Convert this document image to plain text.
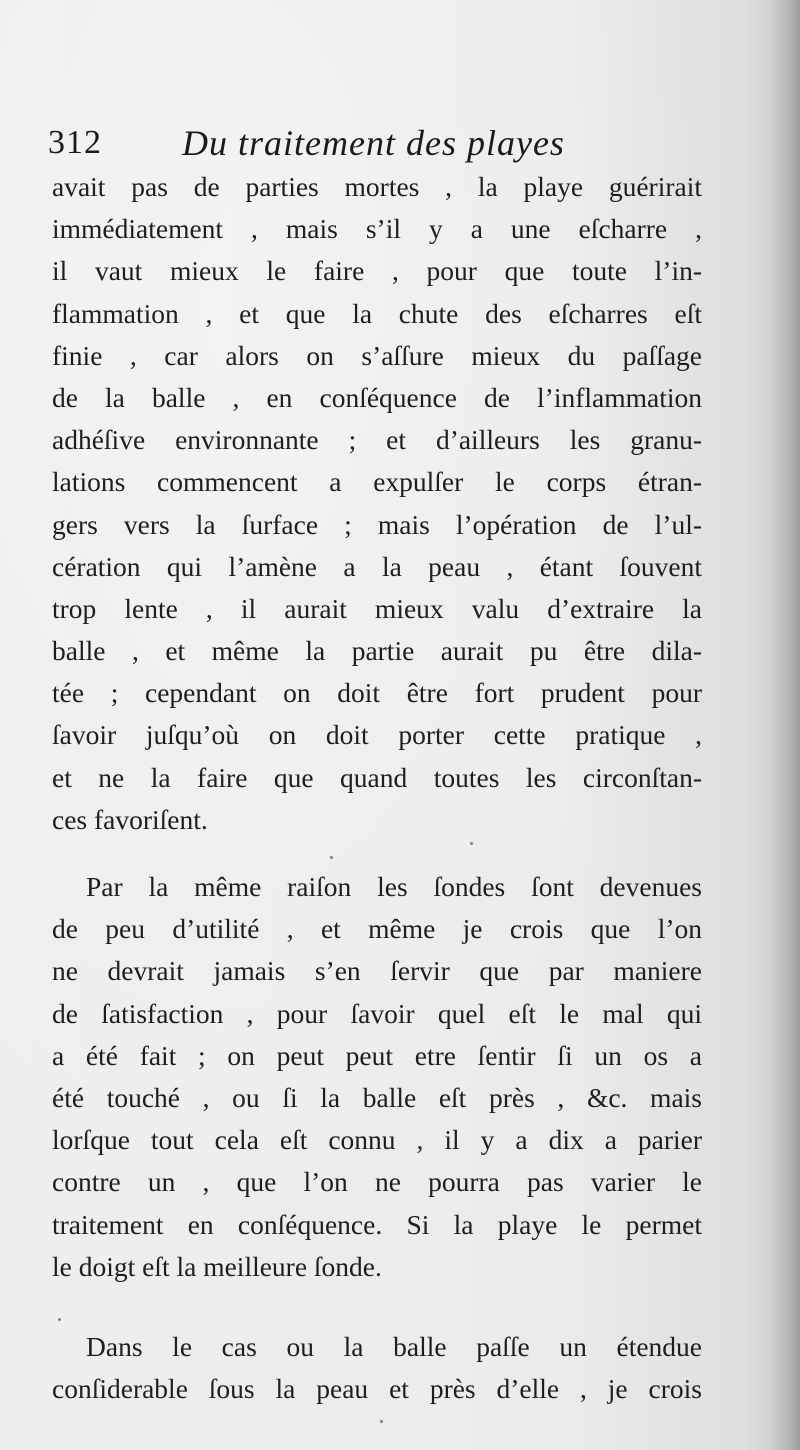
312 Du traitement des playes
avait pas de parties mortes , la playe guérirait
immédiatement , mais s’il y a une eſcharre ,
il vaut mieux le faire , pour que toute l’in-
flammation , et que la chute des eſcharres eſt
finie , car alors on s’aſſure mieux du paſſage
de la balle , en conſéquence de l’inflammation
adhéſive environnante ; et d’ailleurs les granu-
lations commencent a expulſer le corps étran-
gers vers la ſurface ; mais l’opération de l’ul-
cération qui l’amène a la peau , étant ſouvent
trop lente , il aurait mieux valu d’extraire la
balle , et même la partie aurait pu être dila-
tée ; cependant on doit être fort prudent pour
ſavoir juſqu’où on doit porter cette pratique ,
et ne la faire que quand toutes les circonſtan-
ces favoriſent.
Par la même raiſon les ſondes ſont devenues
de peu d’utilité , et même je crois que l’on
ne devrait jamais s’en ſervir que par maniere
de ſatisfaction , pour ſavoir quel eſt le mal qui
a été fait ; on peut peut etre ſentir ſi un os a
été touché , ou ſi la balle eſt près , &c. mais
lorſque tout cela eſt connu , il y a dix a parier
contre un , que l’on ne pourra pas varier le
traitement en conſéquence. Si la playe le permet
le doigt eſt la meilleure ſonde.
Dans le cas ou la balle paſſe un étendue
conſiderable ſous la peau et près d’elle , je crois
